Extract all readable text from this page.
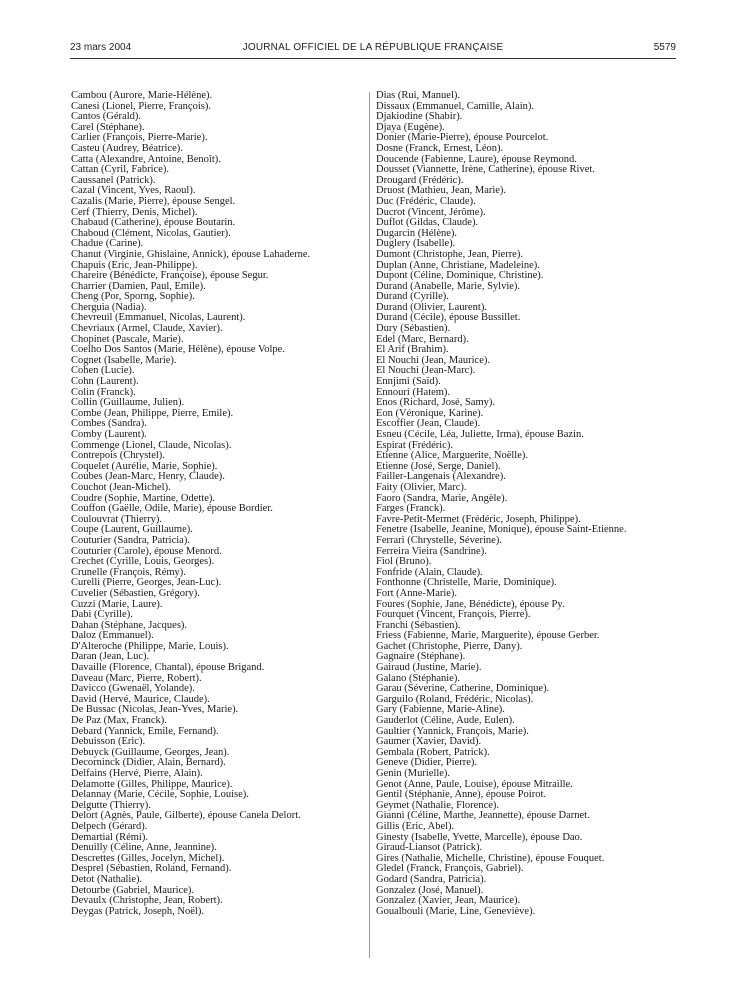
23 mars 2004	JOURNAL OFFICIEL DE LA RÉPUBLIQUE FRANÇAISE	5579
Cambou (Aurore, Marie-Hélène).
Canesi (Lionel, Pierre, François).
Cantos (Gérald).
Carel (Stéphane).
Carlier (François, Pierre-Marie).
Casteu (Audrey, Béatrice).
Catta (Alexandre, Antoine, Benoît).
Cattan (Cyril, Fabrice).
Caussanel (Patrick).
Cazal (Vincent, Yves, Raoul).
Cazalis (Marie, Pierre), épouse Sengel.
Cerf (Thierry, Denis, Michel).
Chabaud (Catherine), épouse Boutarin.
Chaboud (Clément, Nicolas, Gautier).
Chadue (Carine).
Chanut (Virginie, Ghislaine, Annick), épouse Lahaderne.
Chapuis (Eric, Jean-Philippe).
Chareire (Bénédicte, Françoise), épouse Segur.
Charrier (Damien, Paul, Emile).
Cheng (Por, Sporng, Sophie).
Cherguia (Nadia).
Chevreuil (Emmanuel, Nicolas, Laurent).
Chevriaux (Armel, Claude, Xavier).
Chopinet (Pascale, Marie).
Coelho Dos Santos (Marie, Hélène), épouse Volpe.
Cognet (Isabelle, Marie).
Cohen (Lucie).
Cohn (Laurent).
Colin (Franck).
Collin (Guillaume, Julien).
Combe (Jean, Philippe, Pierre, Emile).
Combes (Sandra).
Comby (Laurent).
Commenge (Lionel, Claude, Nicolas).
Contrepois (Chrystel).
Coquelet (Aurélie, Marie, Sophie).
Coubes (Jean-Marc, Henry, Claude).
Couchot (Jean-Michel).
Coudre (Sophie, Martine, Odette).
Couffon (Gaëlle, Odile, Marie), épouse Bordier.
Coulouvrat (Thierry).
Coupe (Laurent, Guillaume).
Couturier (Sandra, Patricia).
Couturier (Carole), épouse Menord.
Crechet (Cyrille, Louis, Georges).
Crunelle (François, Rémy).
Curelli (Pierre, Georges, Jean-Luc).
Cuvelier (Sébastien, Grégory).
Cuzzi (Marie, Laure).
Dabi (Cyrille).
Dahan (Stéphane, Jacques).
Daloz (Emmanuel).
D'Alteroche (Philippe, Marie, Louis).
Daran (Jean, Luc).
Davaille (Florence, Chantal), épouse Brigand.
Daveau (Marc, Pierre, Robert).
Davicco (Gwenaël, Yolande).
David (Hervé, Maurice, Claude).
De Bussac (Nicolas, Jean-Yves, Marie).
De Paz (Max, Franck).
Debard (Yannick, Emile, Fernand).
Debuisson (Eric).
Debuyck (Guillaume, Georges, Jean).
Decorninck (Didier, Alain, Bernard).
Delfains (Hervé, Pierre, Alain).
Delamotte (Gilles, Philippe, Maurice).
Delannay (Marie, Cécile, Sophie, Louise).
Delgutte (Thierry).
Delort (Agnès, Paule, Gilberte), épouse Canela Delort.
Delpech (Gérard).
Demartial (Rémi).
Denuilly (Céline, Anne, Jeannine).
Descrettes (Gilles, Jocelyn, Michel).
Desprel (Sébastien, Roland, Fernand).
Detot (Nathalie).
Detourbe (Gabriel, Maurice).
Devaulx (Christophe, Jean, Robert).
Deygas (Patrick, Joseph, Noël).
Dias (Rui, Manuel).
Dissaux (Emmanuel, Camille, Alain).
Djakiodine (Shabir).
Djaya (Eugène).
Donier (Marie-Pierre), épouse Pourcelot.
Dosne (Franck, Ernest, Léon).
Doucende (Fabienne, Laure), épouse Reymond.
Dousset (Viannette, Irène, Catherine), épouse Rivet.
Drougard (Frédéric).
Druost (Mathieu, Jean, Marie).
Duc (Frédéric, Claude).
Ducrot (Vincent, Jérôme).
Duflot (Gildas, Claude).
Dugarcin (Hélène).
Duglery (Isabelle).
Dumont (Christophe, Jean, Pierre).
Duplan (Anne, Christiane, Madeleine).
Dupont (Céline, Dominique, Christine).
Durand (Anabelle, Marie, Sylvie).
Durand (Cyrille).
Durand (Olivier, Laurent).
Durand (Cécile), épouse Bussillet.
Dury (Sébastien).
Edel (Marc, Bernard).
El Arif (Brahim).
El Nouchi (Jean, Maurice).
El Nouchi (Jean-Marc).
Ennjimi (Saïd).
Ennouri (Hatem).
Enos (Richard, José, Samy).
Eon (Véronique, Karine).
Escoffier (Jean, Claude).
Esneu (Cécile, Léa, Juliette, Irma), épouse Bazin.
Espirat (Frédéric).
Etienne (Alice, Marguerite, Noëlle).
Etienne (José, Serge, Daniel).
Failler-Langenais (Alexandre).
Faity (Olivier, Marc).
Faoro (Sandra, Marie, Angèle).
Farges (Franck).
Favre-Petit-Mermet (Frédéric, Joseph, Philippe).
Fenetre (Isabelle, Jeanine, Monique), épouse Saint-Etienne.
Ferrari (Chrystelle, Séverine).
Ferreira Vieira (Sandrine).
Fiol (Bruno).
Fonfride (Alain, Claude).
Fonthonne (Christelle, Marie, Dominique).
Fort (Anne-Marie).
Foures (Sophie, Jane, Bénédicte), épouse Py.
Fourquet (Vincent, François, Pierre).
Franchi (Sébastien).
Friess (Fabienne, Marie, Marguerite), épouse Gerber.
Gachet (Christophe, Pierre, Dany).
Gagnaire (Stéphane).
Gairaud (Justine, Marie).
Galano (Stéphanie).
Garau (Séverine, Catherine, Dominique).
Garguilo (Roland, Frédéric, Nicolas).
Gary (Fabienne, Marie-Aline).
Gauderlot (Céline, Aude, Eulen).
Gaultier (Yannick, François, Marie).
Gaumer (Xavier, David).
Gembala (Robert, Patrick).
Geneve (Didier, Pierre).
Genin (Murielle).
Genot (Anne, Paule, Louise), épouse Mitraille.
Gentil (Stéphanie, Anne), épouse Poirot.
Geymet (Nathalie, Florence).
Gianni (Céline, Marthe, Jeannette), épouse Darnet.
Gillis (Eric, Abel).
Ginesty (Isabelle, Yvette, Marcelle), épouse Dao.
Giraud-Liansot (Patrick).
Gires (Nathalie, Michelle, Christine), épouse Fouquet.
Gledel (Franck, François, Gabriel).
Godard (Sandra, Patricia).
Gonzalez (José, Manuel).
Gonzalez (Xavier, Jean, Maurice).
Goualbouli (Marie, Line, Geneviève).
